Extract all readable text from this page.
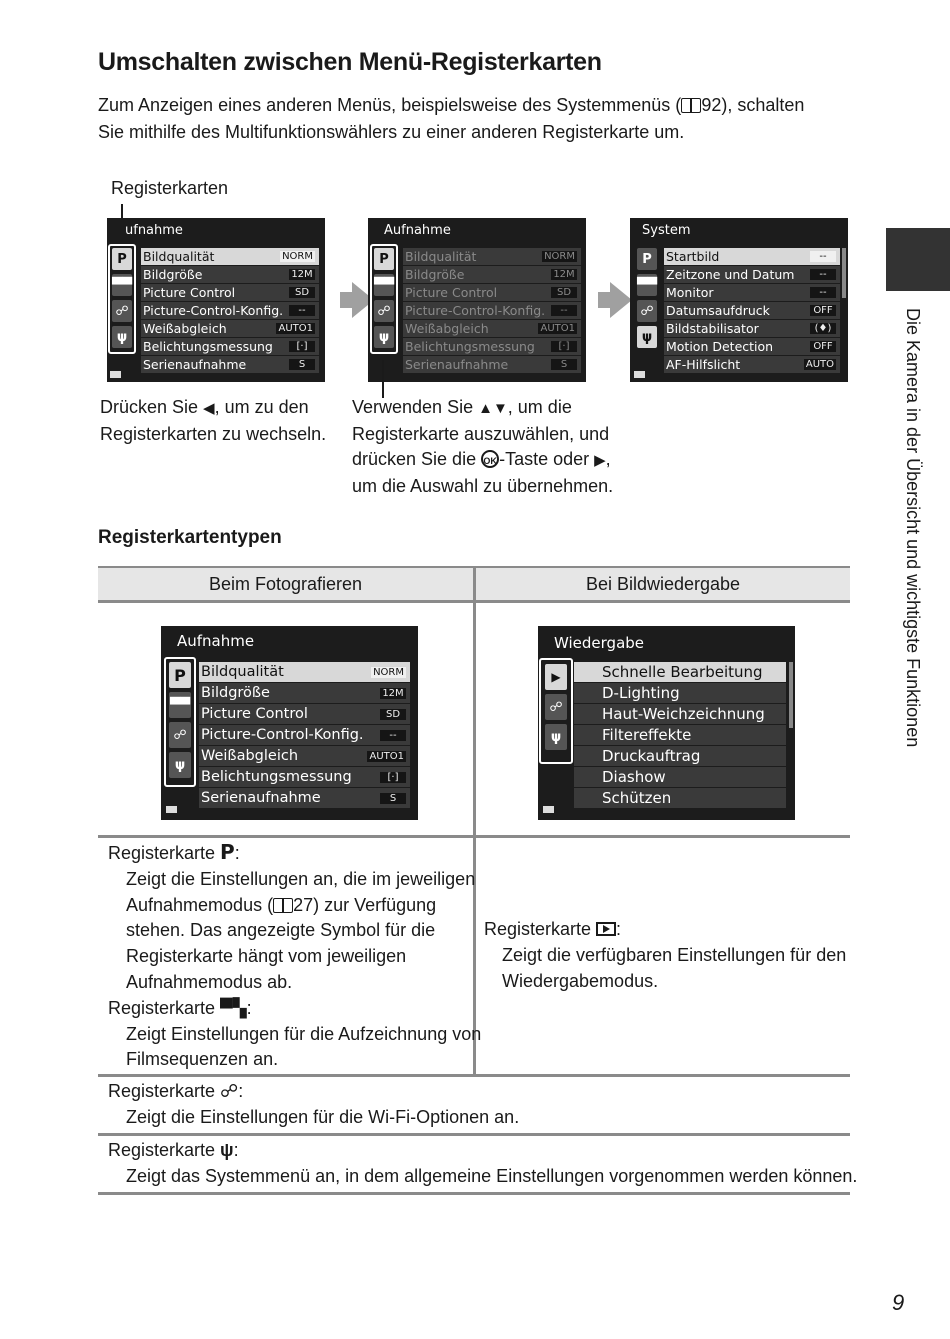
Umschalten zwischen Menü-Registerkarten

Zum Anzeigen eines anderen Menüs, beispielsweise des Systemmenüs ( 92), schalten Sie mithilfe des Multifunktionswählers zu einer anderen Registerkarte um.

Registerkarten
ufnahme
P
▀▀
☍
ψ
Bildqualität	NORM
Bildgröße	12M
Picture Control	SD
Picture-Control-Konfig.	--
Weißabgleich	AUTO1
Belichtungsmessung	[·]
Serienaufnahme	S
Aufnahme
P
▀▀
☍
ψ
Bildqualität	NORM
Bildgröße	12M
Picture Control	SD
Picture-Control-Konfig.	--
Weißabgleich	AUTO1
Belichtungsmessung	[·]
Serienaufnahme	S
System
P
▀▀
☍
ψ
Startbild	--
Zeitzone und Datum	--
Monitor	--
Datumsaufdruck	OFF
Bildstabilisator	(♦)
Motion Detection	OFF
AF-Hilfslicht	AUTO
Drücken Sie ◀, um zu den
Registerkarten zu wechseln.
Verwenden Sie ▲▼, um die
Registerkarte auszuwählen, und
drücken Sie die OK -Taste oder ▶,
um die Auswahl zu übernehmen.
Registerkartentypen
Beim Fotografieren	Bei Bildwiedergabe
Aufnahme
P
▀▀
☍
ψ
Bildqualität	NORM
Bildgröße	12M
Picture Control	SD
Picture-Control-Konfig.	--
Weißabgleich	AUTO1
Belichtungsmessung	[·]
Serienaufnahme	S
Wiedergabe
▶
☍
ψ
Schnelle Bearbeitung
D-Lighting
Haut-Weichzeichnung
Filtereffekte
Druckauftrag
Diashow
Schützen
Registerkarte P:
Zeigt die Einstellungen an, die im jeweiligen
Aufnahmemodus ( 27) zur Verfügung
stehen. Das angezeigte Symbol für die
Registerkarte hängt vom jeweiligen
Aufnahmemodus ab.
Registerkarte ▀▚:
Zeigt Einstellungen für die Aufzeichnung von
Filmsequenzen an.
Registerkarte :
Zeigt die verfügbaren Einstellungen für den
Wiedergabemodus.
Registerkarte ☍:
Zeigt die Einstellungen für die Wi-Fi-Optionen an.
Registerkarte ψ:
Zeigt das Systemmenü an, in dem allgemeine Einstellungen vorgenommen werden können.
Die Kamera in der Übersicht und wichtigste Funktionen
9
